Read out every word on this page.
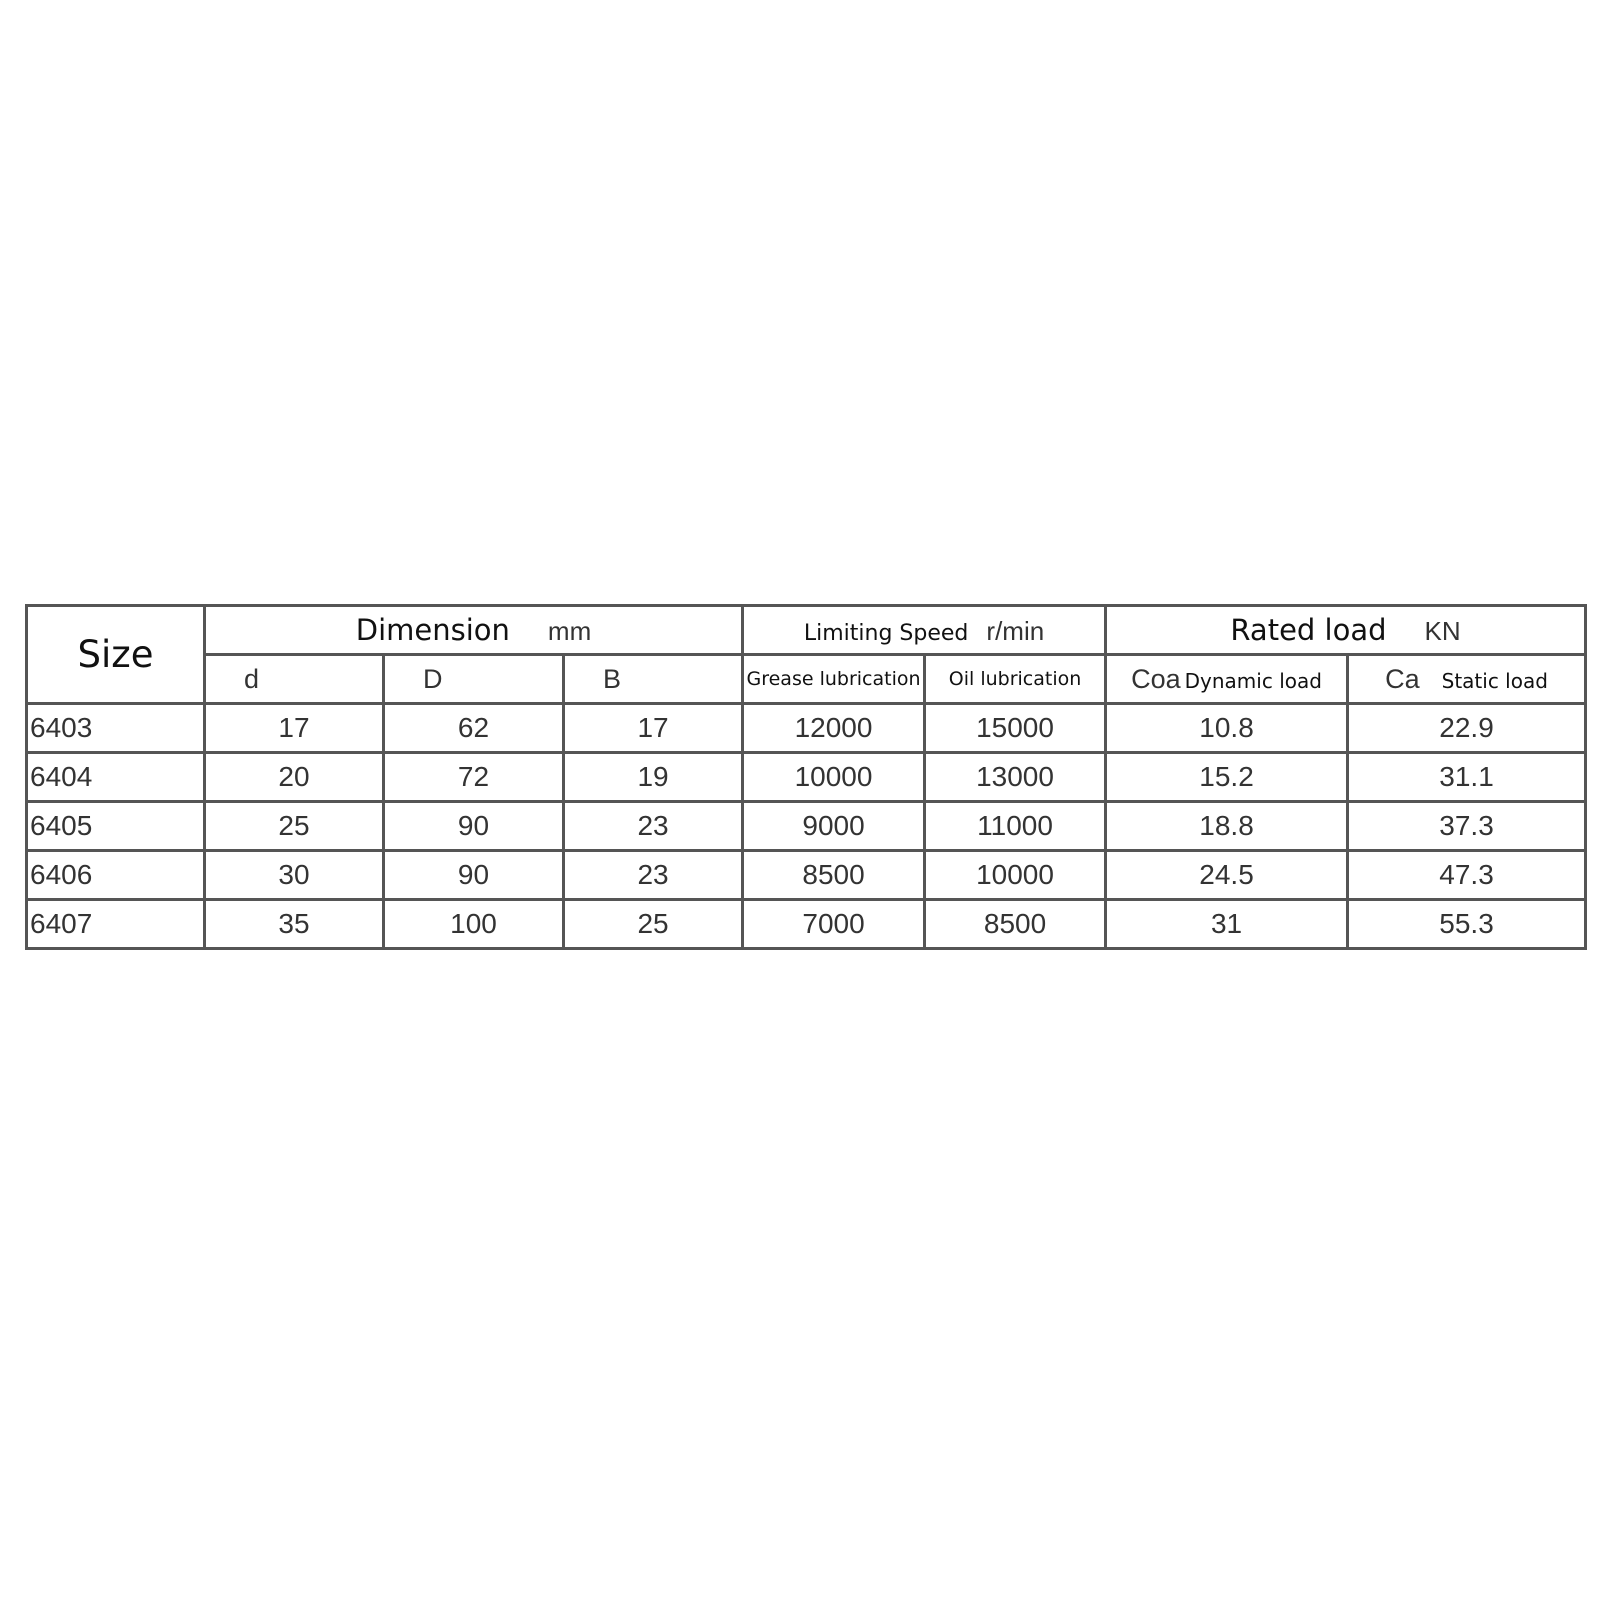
Size	Dimension mm			Limiting Speed r/min		Rated load KN	
	d	D	B	Grease lubrication	Oil lubrication	Coa Dynamic load	Ca Static load
6403	17	62	17	12000	15000	10.8	22.9
6404	20	72	19	10000	13000	15.2	31.1
6405	25	90	23	9000	11000	18.8	37.3
6406	30	90	23	8500	10000	24.5	47.3
6407	35	100	25	7000	8500	31	55.3
